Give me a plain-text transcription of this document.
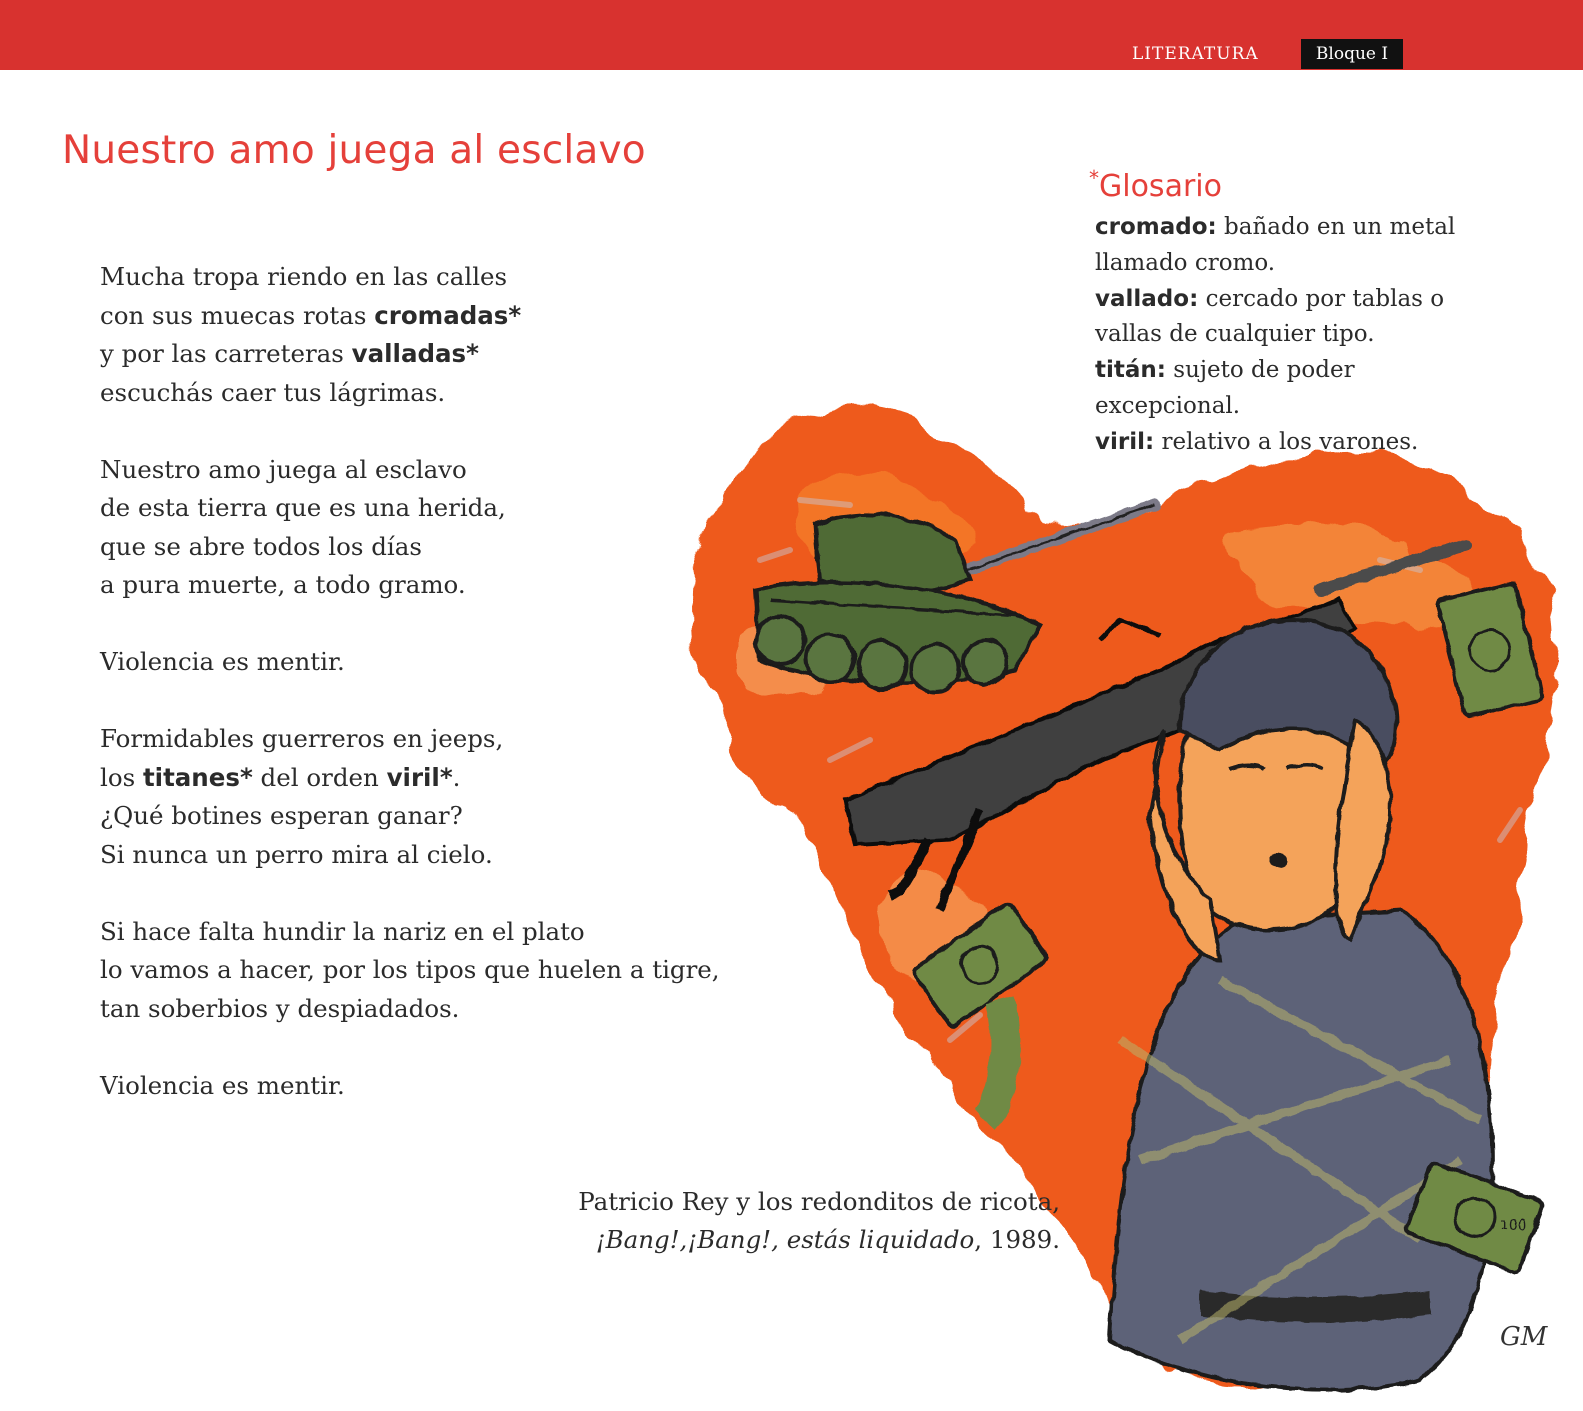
LITERATURA	Bloque I
Nuestro amo juega al esclavo
Mucha tropa riendo en las calles
con sus muecas rotas cromadas*
y por las carreteras valladas*
escuchás caer tus lágrimas.
Nuestro amo juega al esclavo
de esta tierra que es una herida,
que se abre todos los días
a pura muerte, a todo gramo.
Violencia es mentir.
Formidables guerreros en jeeps,
los titanes* del orden viril*.
¿Qué botines esperan ganar?
Si nunca un perro mira al cielo.
Si hace falta hundir la nariz en el plato
lo vamos a hacer, por los tipos que huelen a tigre,
tan soberbios y despiadados.
Violencia es mentir.
100
GM
*Glosario

cromado: bañado en un metal llamado cromo.

vallado: cercado por tablas o vallas de cualquier tipo.

titán: sujeto de poder excepcional.

viril: relativo a los varones.

Patricio Rey y los redonditos de ricota,
¡Bang!,¡Bang!, estás liquidado, 1989.
